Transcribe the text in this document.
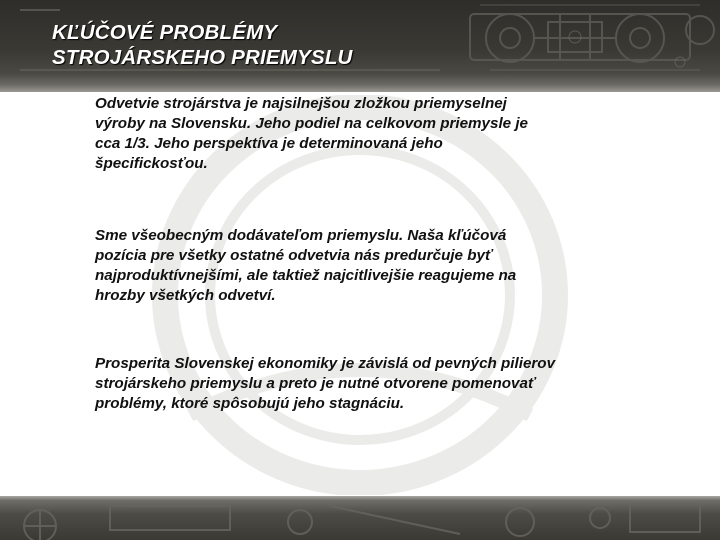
KĽÚČOVÉ PROBLÉMY
STROJÁRSKEHO PRIEMYSLU

Odvetvie strojárstva je najsilnejšou zložkou priemyselnej
výroby na Slovensku. Jeho podiel na celkovom priemysle je
cca 1/3. Jeho perspektíva je determinovaná jeho
špecifickosťou.

Sme všeobecným dodávateľom priemyslu. Naša kľúčová
pozícia pre všetky ostatné odvetvia nás predurčuje byť
najproduktívnejšími, ale taktiež najcitlivejšie reagujeme na
hrozby všetkých odvetví.

Prosperita Slovenskej ekonomiky je závislá od pevných pilierov
strojárskeho priemyslu a preto je nutné otvorene pomenovať
problémy, ktoré spôsobujú jeho stagnáciu.
